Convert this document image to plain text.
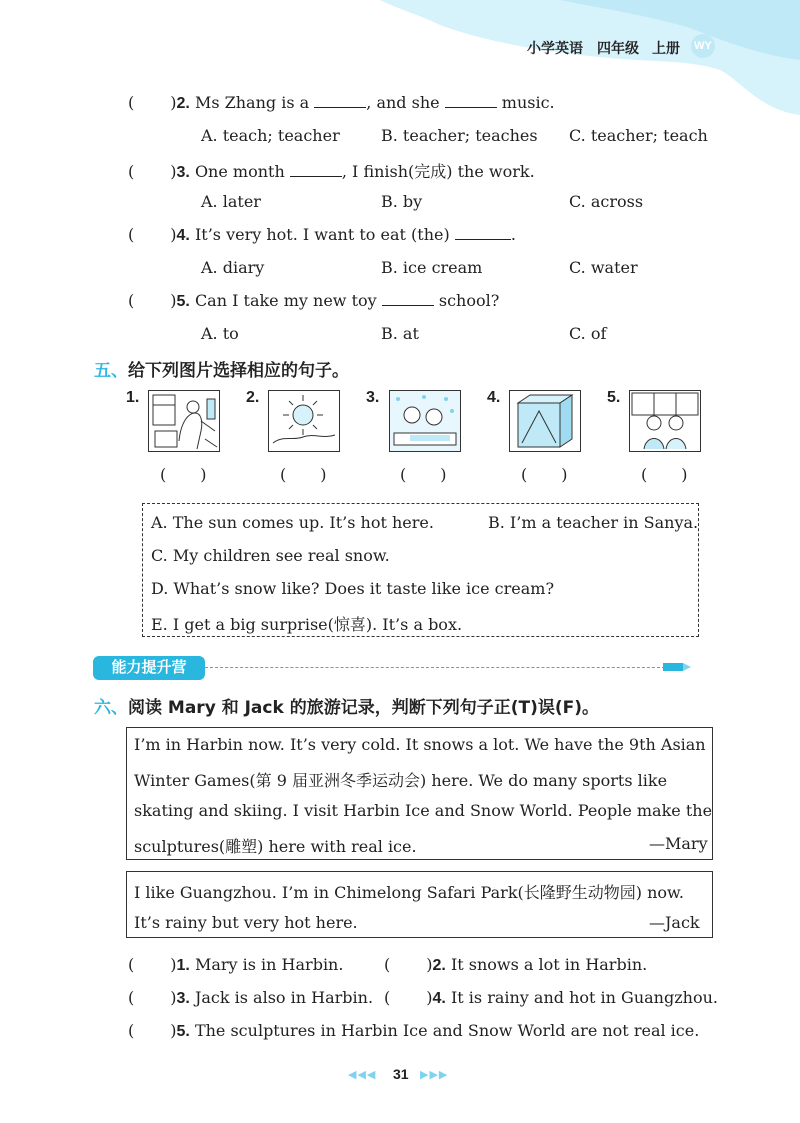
小学英语 四年级 上册 WY
( )2. Ms Zhang is a	, and she	music.
A. teach; teacher	B. teacher; teaches C. teacher; teach
( )3. One month	, I finish(完成) the work.
A. later	B. by	C. across
( )4. It’s very hot. I want to eat (the)	.
A. diary	B. ice cream	C. water
( )5. Can I take my new toy	school?
A. to	B. at	C. of
五、给下列图片选择相应的句子。
1.	2.	3.	4.	5.
( )	( )	( )	( )	( )
A. The sun comes up. It’s hot here.	B. I’m a teacher in Sanya.
C. My children see real snow.
D. What’s snow like? Does it taste like ice cream?
E. I get a big surprise(惊喜). It’s a box.
能力提升营
六、阅读 Mary 和 Jack 的旅游记录，判断下列句子正(T)误(F)。
I’m in Harbin now. It’s very cold. It snows a lot. We have the 9th Asian
Winter Games(第 9 届亚洲冬季运动会) here. We do many sports like
skating and skiing. I visit Harbin Ice and Snow World. People make the
sculptures(雕塑) here with real ice.	—Mary
I like Guangzhou. I’m in Chimelong Safari Park(长隆野生动物园) now.
It’s rainy but very hot here.	—Jack
( )1. Mary is in Harbin.	( )2. It snows a lot in Harbin.
( )3. Jack is also in Harbin. ( )4. It is rainy and hot in Guangzhou.
( )5. The sculptures in Harbin Ice and Snow World are not real ice.
◀◀◀ 31 ▶▶▶
